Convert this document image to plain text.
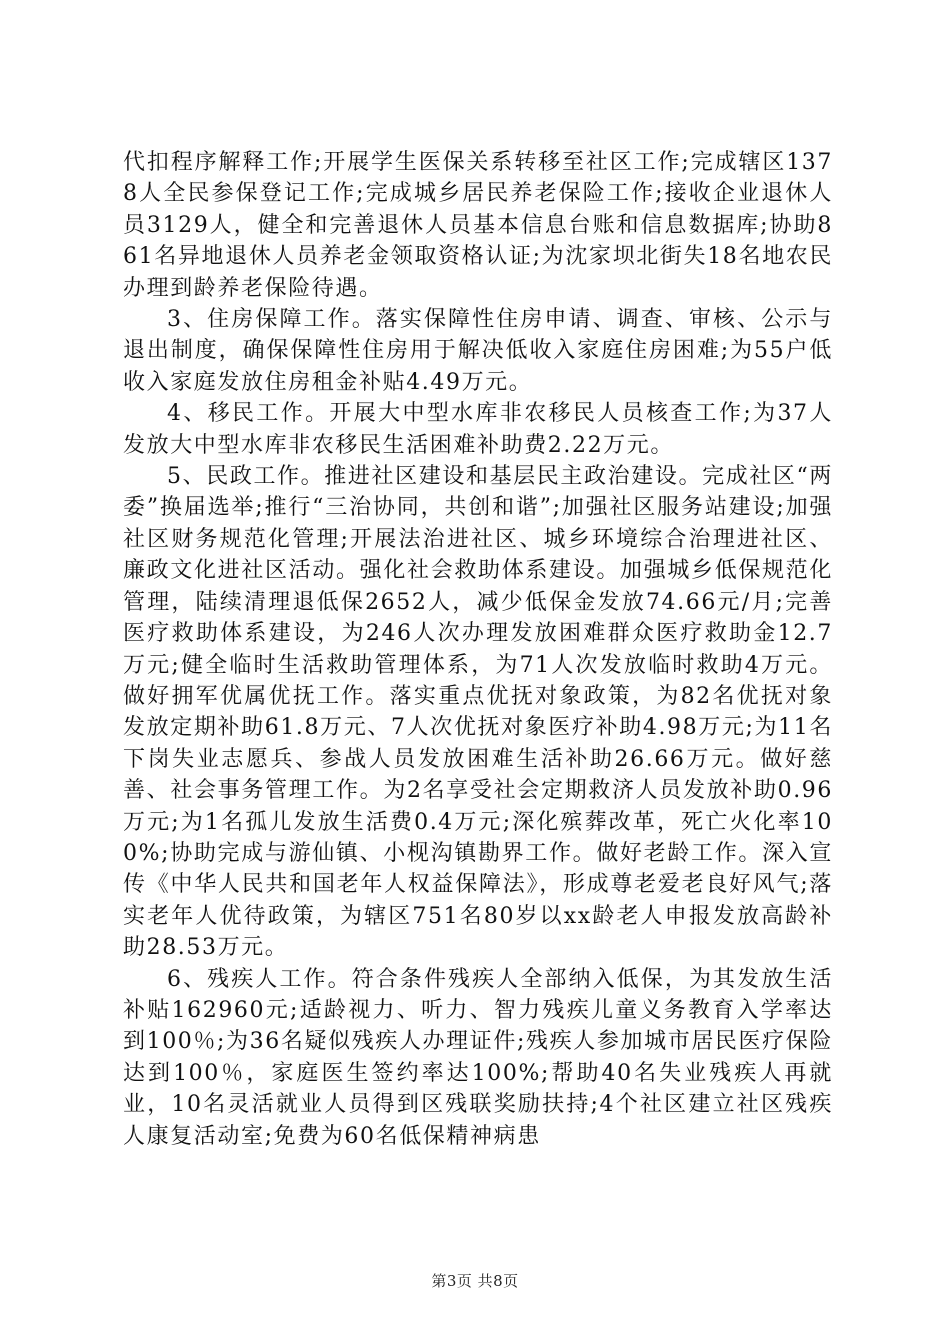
代扣程序解释工作;开展学生医保关系转移至社区工作;完成辖区1378人全民参保登记工作;完成城乡居民养老保险工作;接收企业退休人员3129人，健全和完善退休人员基本信息台账和信息数据库;协助861名异地退休人员养老金领取资格认证;为沈家坝北街失18名地农民办理到龄养老保险待遇。

3、住房保障工作。落实保障性住房申请、调查、审核、公示与退出制度，确保保障性住房用于解决低收入家庭住房困难;为55户低收入家庭发放住房租金补贴4.49万元。

4、移民工作。开展大中型水库非农移民人员核查工作;为37人发放大中型水库非农移民生活困难补助费2.22万元。

5、民政工作。推进社区建设和基层民主政治建设。完成社区“两委”换届选举;推行“三治协同，共创和谐”;加强社区服务站建设;加强社区财务规范化管理;开展法治进社区、城乡环境综合治理进社区、廉政文化进社区活动。强化社会救助体系建设。加强城乡低保规范化管理，陆续清理退低保2652人，减少低保金发放74.66元/月;完善医疗救助体系建设，为246人次办理发放困难群众医疗救助金12.7万元;健全临时生活救助管理体系，为71人次发放临时救助4万元。做好拥军优属优抚工作。落实重点优抚对象政策，为82名优抚对象发放定期补助61.8万元、7人次优抚对象医疗补助4.98万元;为11名下岗失业志愿兵、参战人员发放困难生活补助26.66万元。做好慈善、社会事务管理工作。为2名享受社会定期救济人员发放补助0.96万元;为1名孤儿发放生活费0.4万元;深化殡葬改革，死亡火化率100%;协助完成与游仙镇、小枧沟镇勘界工作。做好老龄工作。深入宣传《中华人民共和国老年人权益保障法》，形成尊老爱老良好风气;落实老年人优待政策，为辖区751名80岁以xx龄老人申报发放高龄补助28.53万元。

6、残疾人工作。符合条件残疾人全部纳入低保，为其发放生活补贴162960元;适龄视力、听力、智力残疾儿童义务教育入学率达到100％;为36名疑似残疾人办理证件;残疾人参加城市居民医疗保险达到100％，家庭医生签约率达100%;帮助40名失业残疾人再就业，10名灵活就业人员得到区残联奖励扶持;4个社区建立社区残疾人康复活动室;免费为60名低保精神病患

第3页 共8页
